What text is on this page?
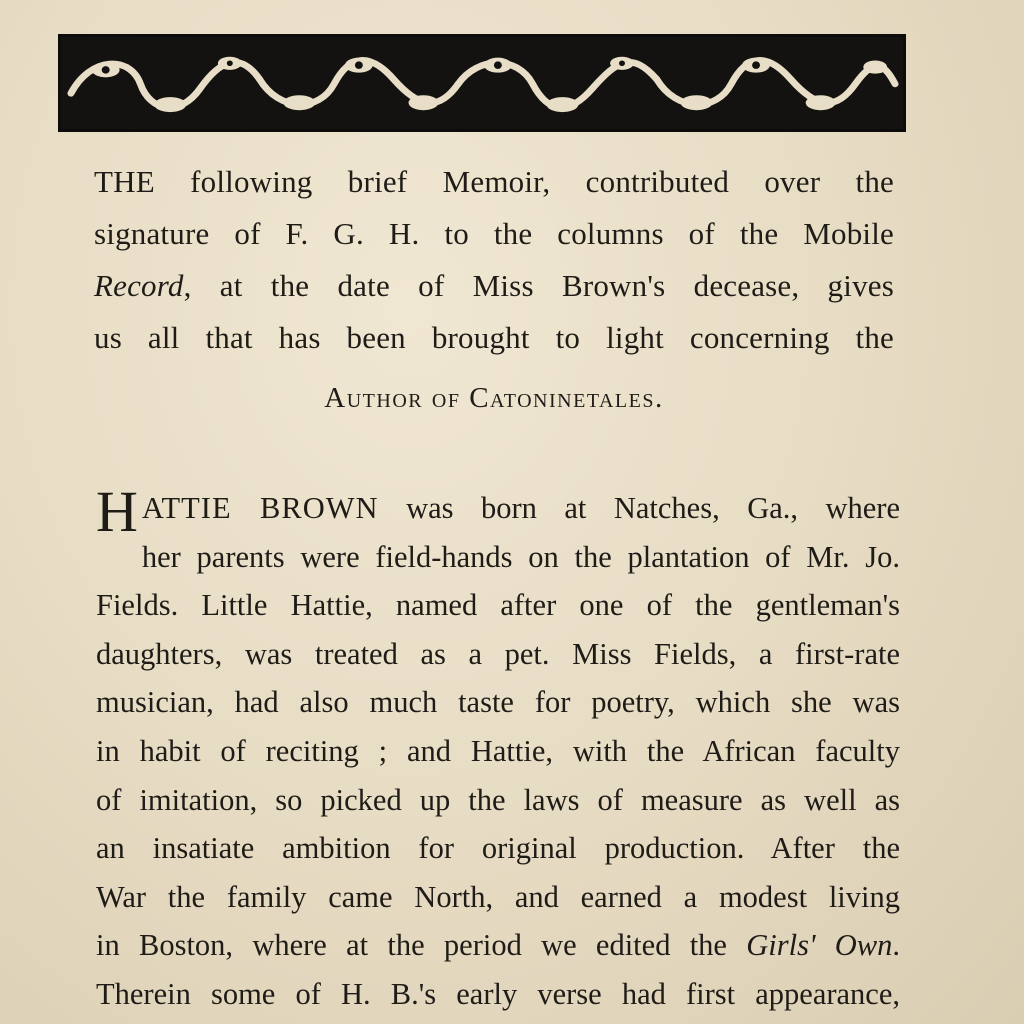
THE following brief Memoir, contributed over the
signature of F. G. H. to the columns of the Mobile
Record, at the date of Miss Brown's decease, gives
us all that has been brought to light concerning the
Author of Catoninetales.
H ATTIE BROWN was born at Natches, Ga., where
her parents were field-hands on the plantation of Mr. Jo.
Fields. Little Hattie, named after one of the gentleman's
daughters, was treated as a pet. Miss Fields, a first-rate
musician, had also much taste for poetry, which she was
in habit of reciting ; and Hattie, with the African faculty
of imitation, so picked up the laws of measure as well as
an insatiate ambition for original production. After the
War the family came North, and earned a modest living
in Boston, where at the period we edited the Girls' Own.
Therein some of H. B.'s early verse had first appearance,
